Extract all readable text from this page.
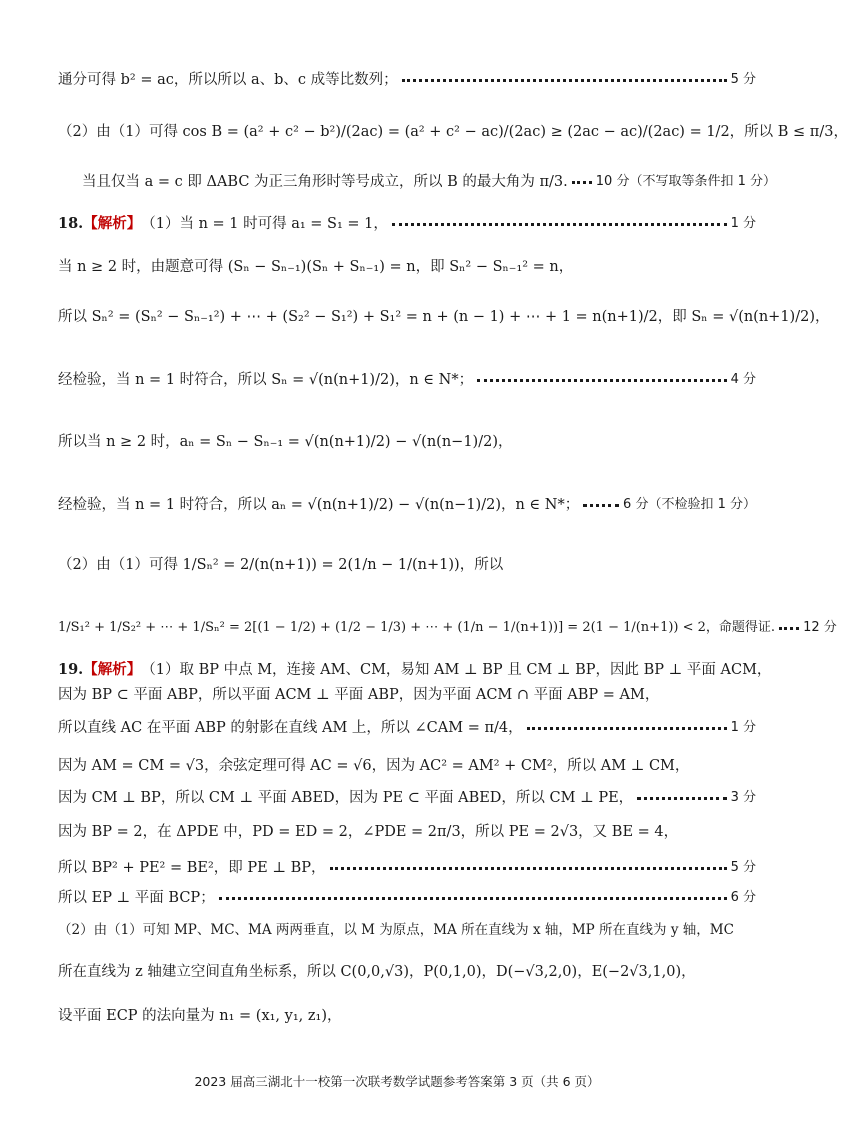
通分可得 b² = ac，所以所以 a、b、c 成等比数列；	5 分
（2）由（1）可得 cos B = (a² + c² − b²)/(2ac) = (a² + c² − ac)/(2ac) ≥ (2ac − ac)/(2ac) = 1/2，所以 B ≤ π/3，
当且仅当 a = c 即 ΔABC 为正三角形时等号成立，所以 B 的最大角为 π/3. 10 分（不写取等条件扣 1 分）
18. 【解析】 （1）当 n = 1 时可得 a₁ = S₁ = 1，	1 分
当 n ≥ 2 时，由题意可得 (Sₙ − Sₙ₋₁)(Sₙ + Sₙ₋₁) = n，即 Sₙ² − Sₙ₋₁² = n，
所以 Sₙ² = (Sₙ² − Sₙ₋₁²) + ⋯ + (S₂² − S₁²) + S₁² = n + (n − 1) + ⋯ + 1 = n(n+1)/2，即 Sₙ = √(n(n+1)/2)，
经检验，当 n = 1 时符合，所以 Sₙ = √(n(n+1)/2)，n ∈ N*；	4 分
所以当 n ≥ 2 时，aₙ = Sₙ − Sₙ₋₁ = √(n(n+1)/2) − √(n(n−1)/2)，
经检验，当 n = 1 时符合，所以 aₙ = √(n(n+1)/2) − √(n(n−1)/2)，n ∈ N*；	6 分（不检验扣 1 分）
（2）由（1）可得 1/Sₙ² = 2/(n(n+1)) = 2(1/n − 1/(n+1))，所以
1/S₁² + 1/S₂² + ⋯ + 1/Sₙ² = 2[(1 − 1/2) + (1/2 − 1/3) + ⋯ + (1/n − 1/(n+1))] = 2(1 − 1/(n+1)) < 2，命题得证. 12 分
19. 【解析】 （1）取 BP 中点 M，连接 AM、CM，易知 AM ⊥ BP 且 CM ⊥ BP，因此 BP ⊥ 平面 ACM，
因为 BP ⊂ 平面 ABP，所以平面 ACM ⊥ 平面 ABP，因为平面 ACM ∩ 平面 ABP = AM，
所以直线 AC 在平面 ABP 的射影在直线 AM 上，所以 ∠CAM = π/4，	1 分
因为 AM = CM = √3，余弦定理可得 AC = √6，因为 AC² = AM² + CM²，所以 AM ⊥ CM，
因为 CM ⊥ BP，所以 CM ⊥ 平面 ABED，因为 PE ⊂ 平面 ABED，所以 CM ⊥ PE，	3 分
因为 BP = 2，在 ΔPDE 中，PD = ED = 2，∠PDE = 2π/3，所以 PE = 2√3，又 BE = 4，
所以 BP² + PE² = BE²，即 PE ⊥ BP，	5 分
所以 EP ⊥ 平面 BCP；	6 分
（2）由（1）可知 MP、MC、MA 两两垂直，以 M 为原点，MA 所在直线为 x 轴，MP 所在直线为 y 轴，MC
所在直线为 z 轴建立空间直角坐标系，所以 C(0,0,√3)，P(0,1,0)，D(−√3,2,0)，E(−2√3,1,0)，
设平面 ECP 的法向量为 n₁ = (x₁, y₁, z₁)，
2023 届高三湖北十一校第一次联考数学试题参考答案第 3 页（共 6 页）
